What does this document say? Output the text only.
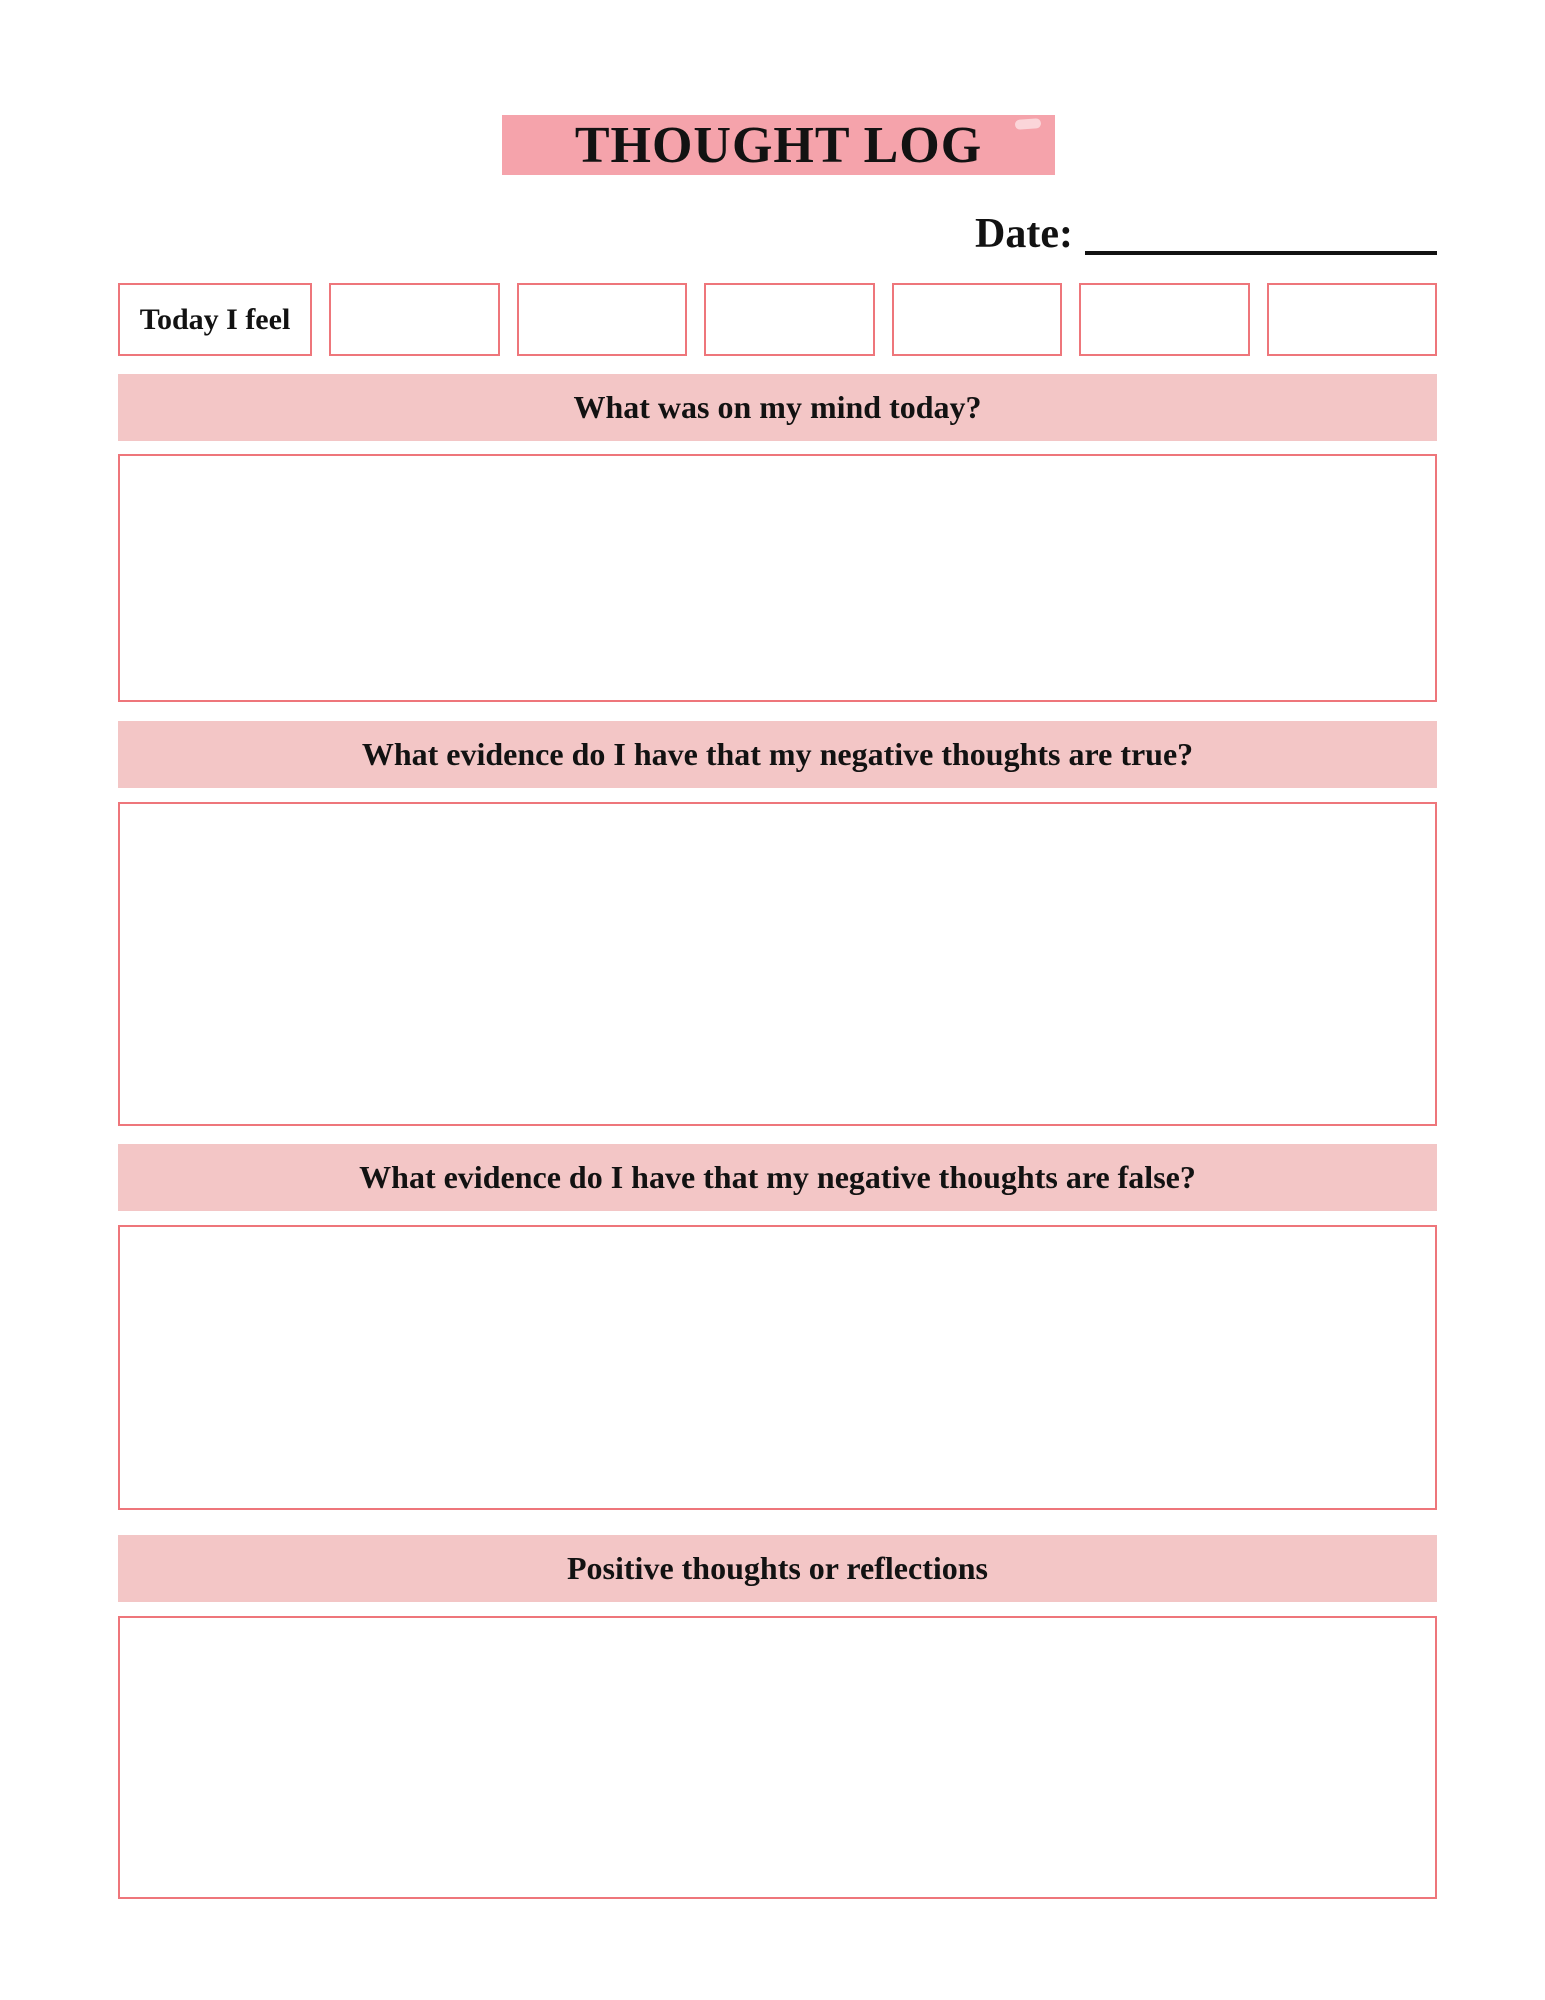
THOUGHT LOG
Date:
Today I feel
What was on my mind today?
What evidence do I have that my negative thoughts are true?
What evidence do I have that my negative thoughts are false?
Positive thoughts or reflections
